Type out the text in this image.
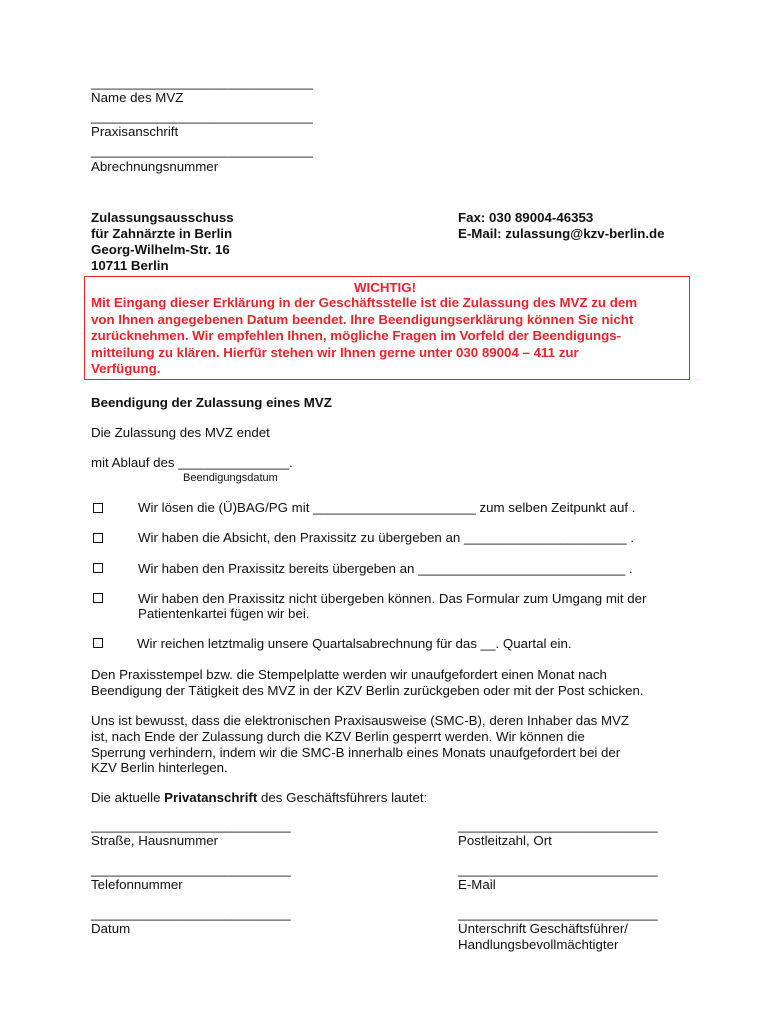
______________________________
Name des MVZ
______________________________
Praxisanschrift
______________________________
Abrechnungsnummer
Zulassungsausschuss
für Zahnärzte in Berlin
Georg-Wilhelm-Str. 16
10711 Berlin
Fax: 030 89004-46353
E-Mail: zulassung@kzv-berlin.de
WICHTIG!
Mit Eingang dieser Erklärung in der Geschäftsstelle ist die Zulassung des MVZ zu dem
von Ihnen angegebenen Datum beendet. Ihre Beendigungserklärung können Sie nicht
zurücknehmen. Wir empfehlen Ihnen, mögliche Fragen im Vorfeld der Beendigungs-
mitteilung zu klären. Hierfür stehen wir Ihnen gerne unter 030 89004 – 411 zur
Verfügung.
Beendigung der Zulassung eines MVZ
Die Zulassung des MVZ endet
mit Ablauf des _______________.
Beendigungsdatum
Wir lösen die (Ü)BAG/PG mit ______________________ zum selben Zeitpunkt auf .
Wir haben die Absicht, den Praxissitz zu übergeben an ______________________ .
Wir haben den Praxissitz bereits übergeben an ____________________________ .
Wir haben den Praxissitz nicht übergeben können. Das Formular zum Umgang mit der
Patientenkartei fügen wir bei.
Wir reichen letztmalig unsere Quartalsabrechnung für das __. Quartal ein.
Den Praxisstempel bzw. die Stempelplatte werden wir unaufgefordert einen Monat nach
Beendigung der Tätigkeit des MVZ in der KZV Berlin zurückgeben oder mit der Post schicken.
Uns ist bewusst, dass die elektronischen Praxisausweise (SMC-B), deren Inhaber das MVZ
ist, nach Ende der Zulassung durch die KZV Berlin gesperrt werden. Wir können die
Sperrung verhindern, indem wir die SMC-B innerhalb eines Monats unaufgefordert bei der
KZV Berlin hinterlegen.
Die aktuelle Privatanschrift des Geschäftsführers lautet:
___________________________
Straße, Hausnummer
___________________________
Postleitzahl, Ort
___________________________
Telefonnummer
___________________________
E-Mail
___________________________
Datum
___________________________
Unterschrift Geschäftsführer/
Handlungsbevollmächtigter
